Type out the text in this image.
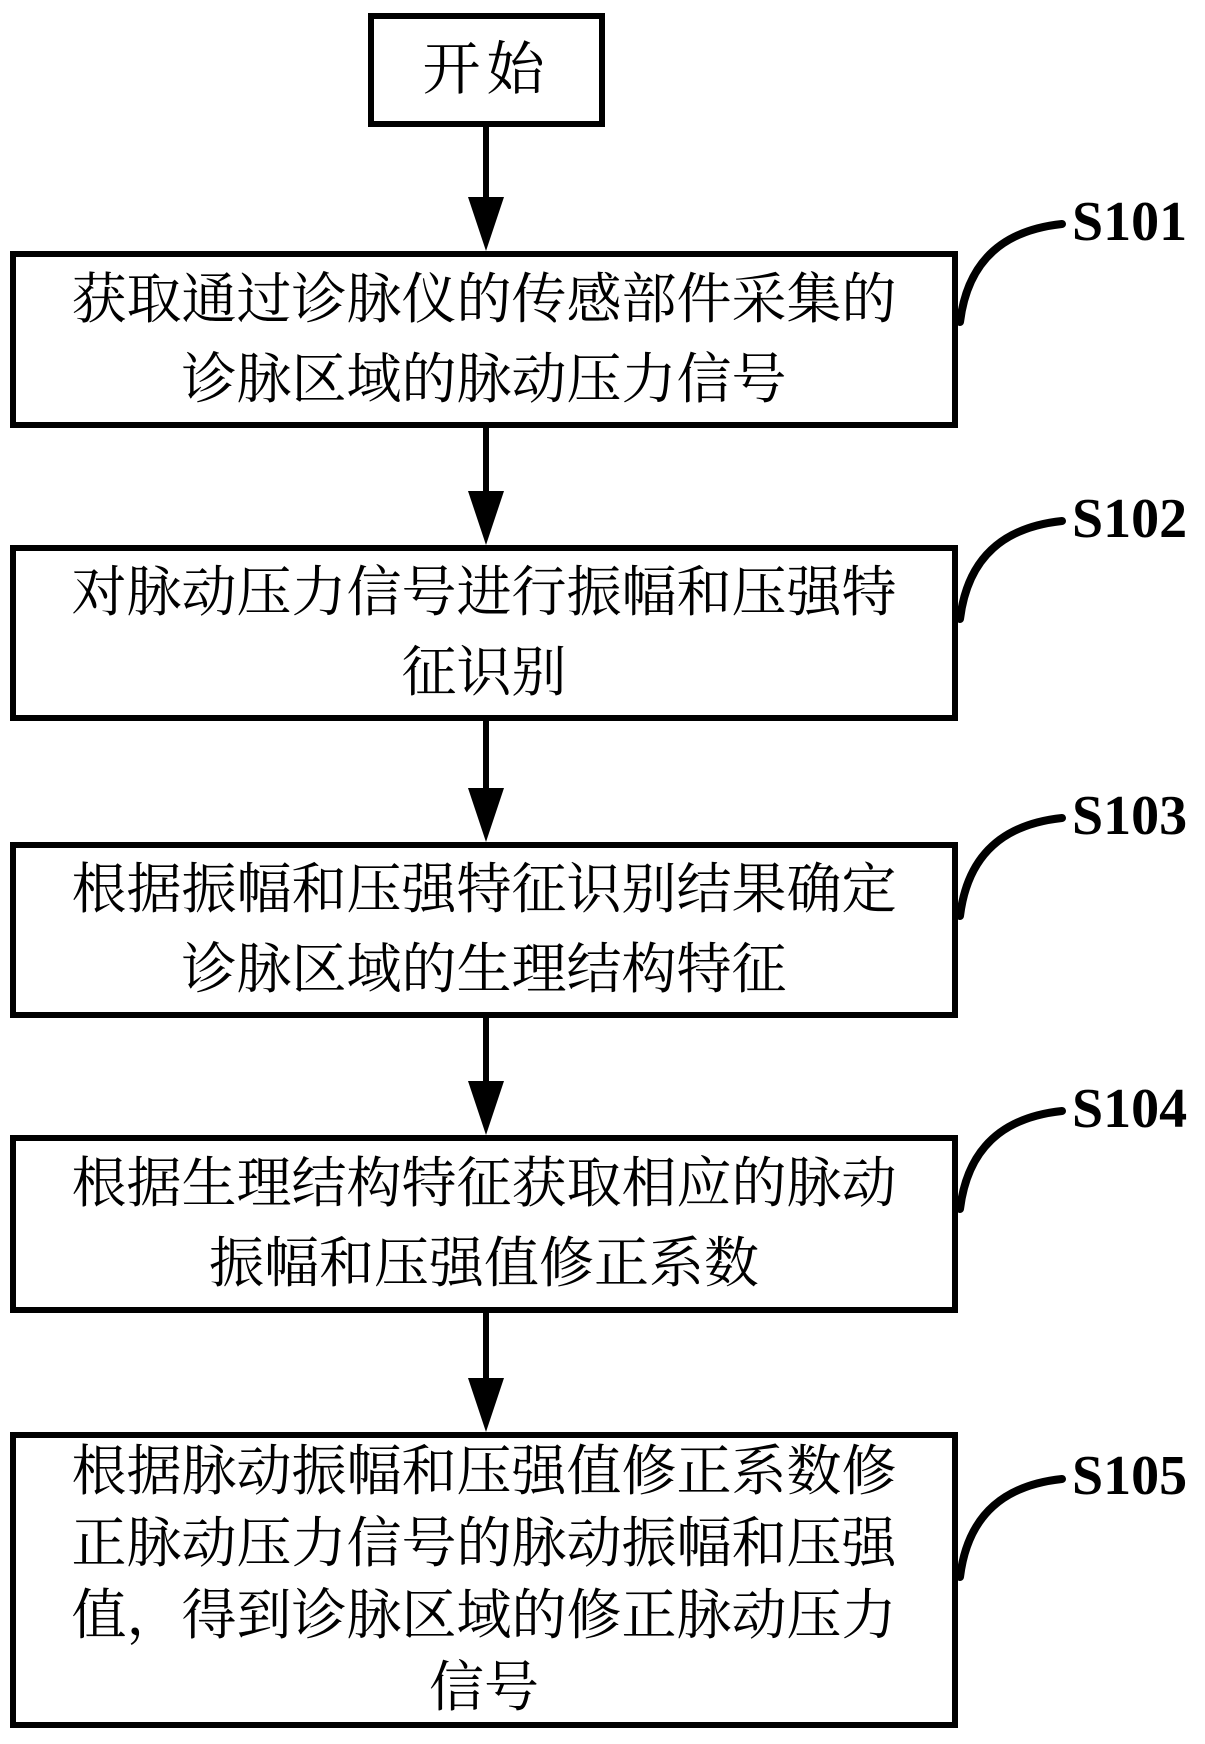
开始
获取通过诊脉仪的传感部件采集的
诊脉区域的脉动压力信号
对脉动压力信号进行振幅和压强特
征识别
根据振幅和压强特征识别结果确定
诊脉区域的生理结构特征
根据生理结构特征获取相应的脉动
振幅和压强值修正系数
根据脉动振幅和压强值修正系数修
正脉动压力信号的脉动振幅和压强
值，得到诊脉区域的修正脉动压力
信号
S101
S102
S103
S104
S105
